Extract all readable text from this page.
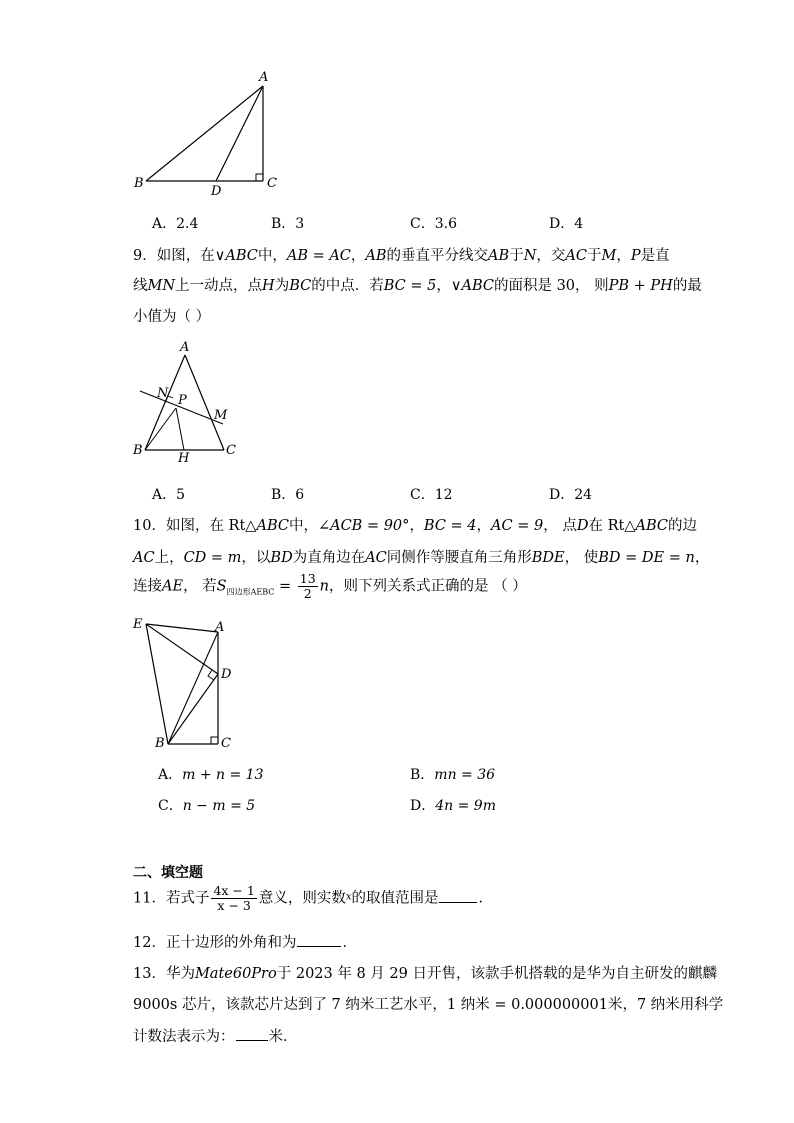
A
B	C
D
A．2.4	B．3	C．3.6	D．4
9．如图，在∨ABC中，AB = AC，AB的垂直平分线交AB于N，交AC于M，P是直
线MN上一动点，点H为BC的中点．若BC = 5，∨ABC的面积是 30， 则PB + PH的最
小值为（ ）
A
N P
M
B
H
C
A．5	B．6	C．12	D．24
10．如图，在 Rt△ABC中，∠ACB = 90°，BC = 4，AC = 9， 点D在 Rt△ABC的边
AC上，CD = m，以BD为直角边在AC同侧作等腰直角三角形BDE， 使BD = DE = n，
连接AE， 若$S_{四边形AEBC} = \frac{13}{2}$ n，则下列关系式正确的是 （ ）
E	A
D
B	C
A．m + n = 13	B．mn = 36
C．n − m = 5	D．4n = 9m
二、填空题
11．若式子 $\frac{4x - 1}{x - 3}$ 意义，则实数$^x$的取值范围是	．
12．正十边形的外角和为	．
13．华为Mate60Pro于 2023 年 8 月 29 日开售，该款手机搭载的是华为自主研发的麒麟
9000s 芯片，该款芯片达到了 7 纳米工艺水平，1 纳米 = 0.000000001米，7 纳米用科学
计数法表示为： 米．
